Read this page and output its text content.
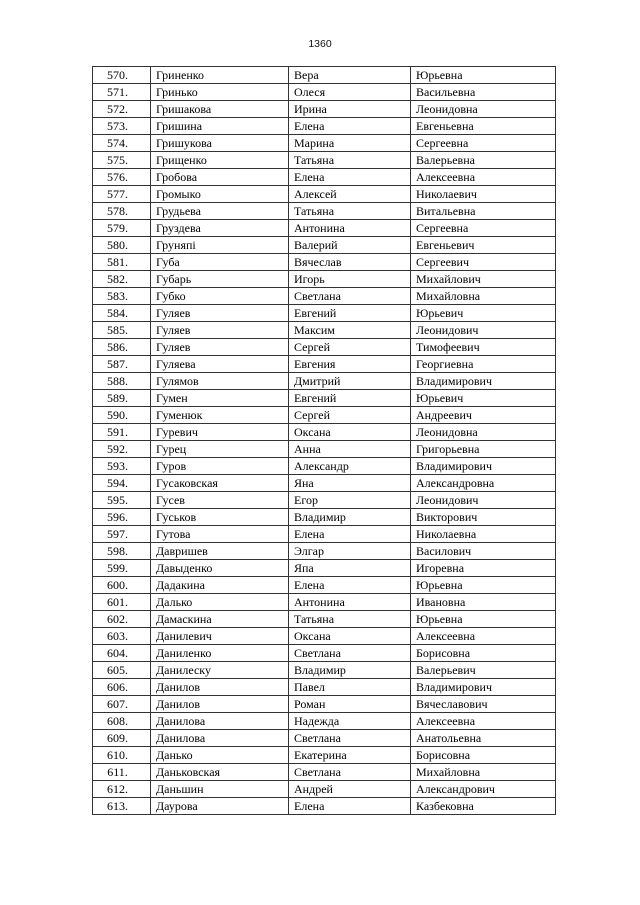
1360
570.	Гриненко	Вера	Юрьевна
571.	Гринько	Олеся	Васильевна
572.	Гришакова	Ирина	Леонидовна
573.	Гришина	Елена	Евгеньевна
574.	Гришукова	Марина	Сергеевна
575.	Грищенко	Татьяна	Валерьевна
576.	Гробова	Елена	Алексеевна
577.	Громыко	Алексей	Николаевич
578.	Грудьева	Татьяна	Витальевна
579.	Груздева	Антонина	Сергеевна
580.	Груняпі	Валерий	Евгеньевич
581.	Губа	Вячеслав	Сергеевич
582.	Губарь	Игорь	Михайлович
583.	Губко	Светлана	Михайловна
584.	Гуляев	Евгений	Юрьевич
585.	Гуляев	Максим	Леонидович
586.	Гуляев	Сергей	Тимофеевич
587.	Гуляева	Евгения	Георгиевна
588.	Гулямов	Дмитрий	Владимирович
589.	Гумен	Евгений	Юрьевич
590.	Гуменюк	Сергей	Андреевич
591.	Гуревич	Оксана	Леонидовна
592.	Гурец	Анна	Григорьевна
593.	Гуров	Александр	Владимирович
594.	Гусаковская	Яна	Александровна
595.	Гусев	Егор	Леонидович
596.	Гуськов	Владимир	Викторович
597.	Гутова	Елена	Николаевна
598.	Давришев	Элгар	Василович
599.	Давыденко	Япа	Игоревна
600.	Дадакина	Елена	Юрьевна
601.	Далько	Антонина	Ивановна
602.	Дамаскина	Татьяна	Юрьевна
603.	Данилевич	Оксана	Алексеевна
604.	Даниленко	Светлана	Борисовна
605.	Данилеску	Владимир	Валерьевич
606.	Данилов	Павел	Владимирович
607.	Данилов	Роман	Вячеславович
608.	Данилова	Надежда	Алексеевна
609.	Данилова	Светлана	Анатольевна
610.	Данько	Екатерина	Борисовна
611.	Даньковская	Светлана	Михайловна
612.	Даньшин	Андрей	Александрович
613.	Даурова	Елена	Казбековна
